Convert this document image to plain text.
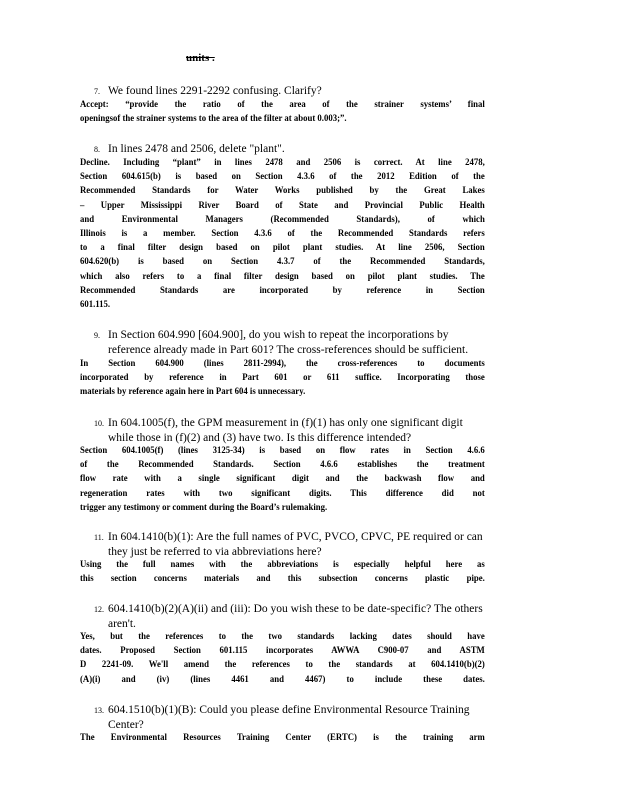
units .
7. We found lines 2291-2292 confusing. Clarify?
Accept: “provide the ratio of the area of the strainer systems’ final
openingsof the strainer systems to the area of the filter at about 0.003;”.
8. In lines 2478 and 2506, delete "plant".
Decline. Including “plant” in lines 2478 and 2506 is correct. At line 2478,
Section 604.615(b) is based on Section 4.3.6 of the 2012 Edition of the
Recommended Standards for Water Works published by the Great Lakes
– Upper Mississippi River Board of State and Provincial Public Health
and Environmental Managers (Recommended Standards), of which
Illinois is a member. Section 4.3.6 of the Recommended Standards refers
to a final filter design based on pilot plant studies. At line 2506, Section
604.620(b) is based on Section 4.3.7 of the Recommended Standards,
which also refers to a final filter design based on pilot plant studies. The
Recommended Standards are incorporated by reference in Section
601.115.
9. In Section 604.990 [604.900], do you wish to repeat the incorporations by
reference already made in Part 601? The cross-references should be sufficient.
In Section 604.900 (lines 2811-2994), the cross-references to documents
incorporated by reference in Part 601 or 611 suffice. Incorporating those
materials by reference again here in Part 604 is unnecessary.
10. In 604.1005(f), the GPM measurement in (f)(1) has only one significant digit
while those in (f)(2) and (3) have two. Is this difference intended?
Section 604.1005(f) (lines 3125-34) is based on flow rates in Section 4.6.6
of the Recommended Standards. Section 4.6.6 establishes the treatment
flow rate with a single significant digit and the backwash flow and
regeneration rates with two significant digits. This difference did not
trigger any testimony or comment during the Board’s rulemaking.
11. In 604.1410(b)(1): Are the full names of PVC, PVCO, CPVC, PE required or can
they just be referred to via abbreviations here?
Using the full names with the abbreviations is especially helpful here as
this section concerns materials and this subsection concerns plastic pipe.
12. 604.1410(b)(2)(A)(ii) and (iii): Do you wish these to be date-specific? The others
aren't.
Yes, but the references to the two standards lacking dates should have
dates. Proposed Section 601.115 incorporates AWWA C900-07 and ASTM
D 2241-09. We'll amend the references to the standards at 604.1410(b)(2)
(A)(i) and (iv) (lines 4461 and 4467) to include these dates.
13. 604.1510(b)(1)(B): Could you please define Environmental Resource Training
Center?
The Environmental Resources Training Center (ERTC) is the training arm
